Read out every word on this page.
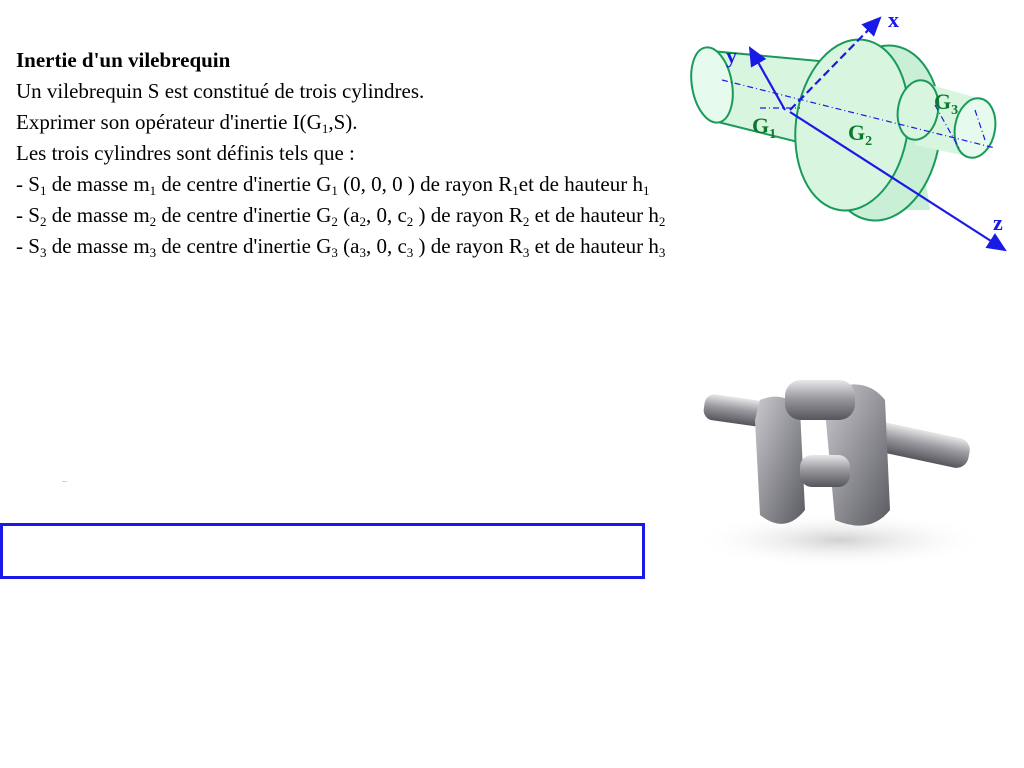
Inertie d'un vilebrequin
Un vilebrequin S est constitué de trois cylindres.
Exprimer son opérateur d'inertie $I(G_1,S)$.
Les trois cylindres sont définis tels que :
- $S_1$ de masse $m_1$ de centre d'inertie $G_1$ (0, 0, 0 ) de rayon $R_1et$ de hauteur $h_1$
- $S_2$ de masse $m_2$ de centre d'inertie $G_2$ ($a_2$, 0, $c_2$ ) de rayon $R_2$ et de hauteur $h_2$
- $S_3$ de masse $m_3$ de centre d'inertie $G_3$ ($a_3$, 0, $c_3$ ) de rayon $R_3$ et de hauteur $h_3$
x
y
z
$G_1$	$G_2$
$G_3$
